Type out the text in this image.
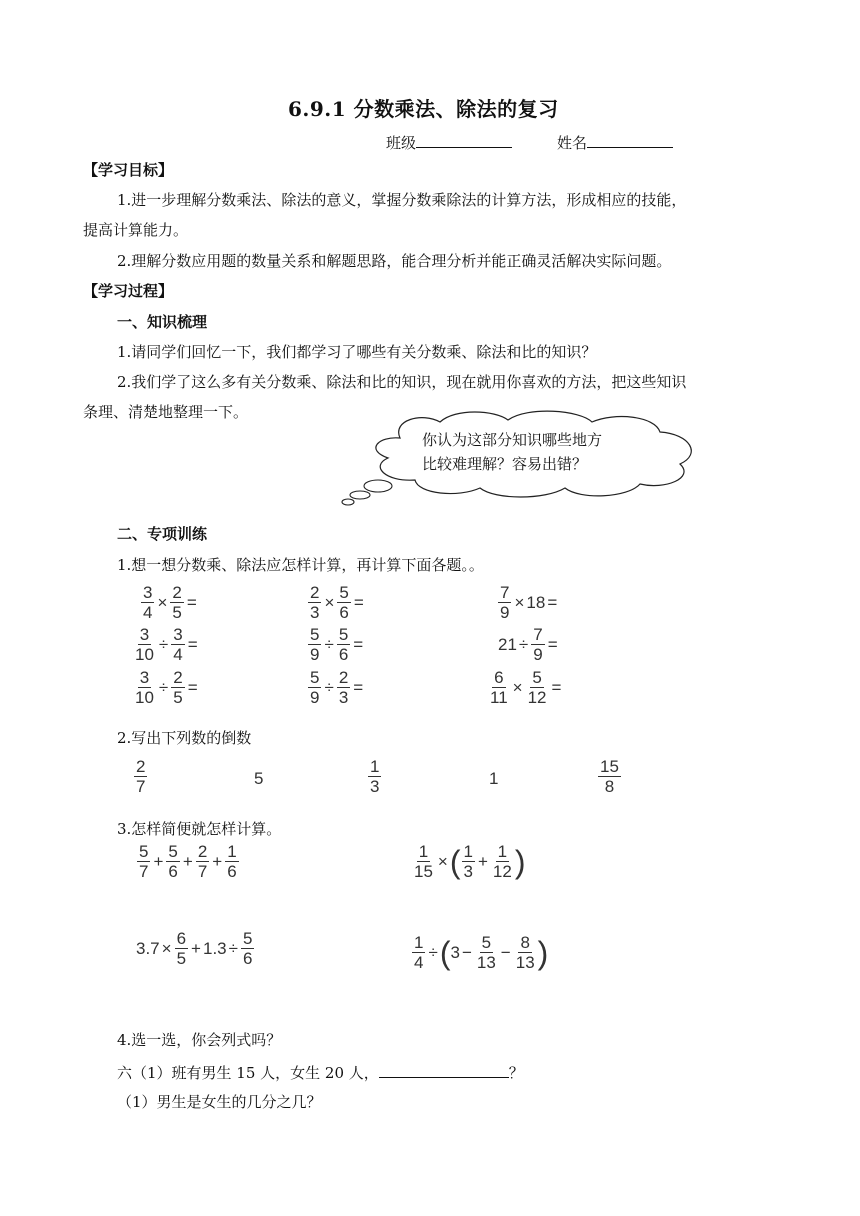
6.9.1 分数乘法、除法的复习
班级	姓名
【学习目标】
1.进一步理解分数乘法、除法的意义，掌握分数乘除法的计算方法，形成相应的技能，
提高计算能力。
2.理解分数应用题的数量关系和解题思路，能合理分析并能正确灵活解决实际问题。
【学习过程】
一、知识梳理
1.请同学们回忆一下，我们都学习了哪些有关分数乘、除法和比的知识？
2.我们学了这么多有关分数乘、除法和比的知识，现在就用你喜欢的方法，把这些知识
条理、清楚地整理一下。
你认为这部分知识哪些地方
比较难理解？容易出错？
二、专项训练
1.想一想分数乘、除法应怎样计算，再计算下面各题。。
$\frac{3}{4} \times \frac{2}{5}$ =	$\frac{2}{3} \times \frac{5}{6}$ =	$\frac{7}{9} \times 18$ =
$\frac{3}{10} \div \frac{3}{4}$ =	$\frac{5}{9} \div \frac{5}{6}$ =	$21 \div \frac{7}{9}$ =
$\frac{3}{10} \div \frac{2}{5}$ =	$\frac{5}{9} \div \frac{2}{3}$ =	$\frac{6}{11} \times \frac{5}{12}$ =
2.写出下列数的倒数
$\frac{2}{7}$	5	$\frac{1}{3}$	1	$\frac{15}{8}$
3.怎样简便就怎样计算。
$\frac{5}{7} + \frac{5}{6} + \frac{2}{7} + \frac{1}{6}$	$\frac{1}{15}$ × ( $\frac{1}{3} + \frac{1}{12}$ )
$3.7 \times \frac{6}{5} + 1.3 \div \frac{5}{6}$	$\frac{1}{4}$ ÷ ( $3 - \frac{5}{13} - \frac{8}{13}$ )
4.选一选，你会列式吗？
六（1）班有男生 15 人，女生 20 人，	？
（1）男生是女生的几分之几？
